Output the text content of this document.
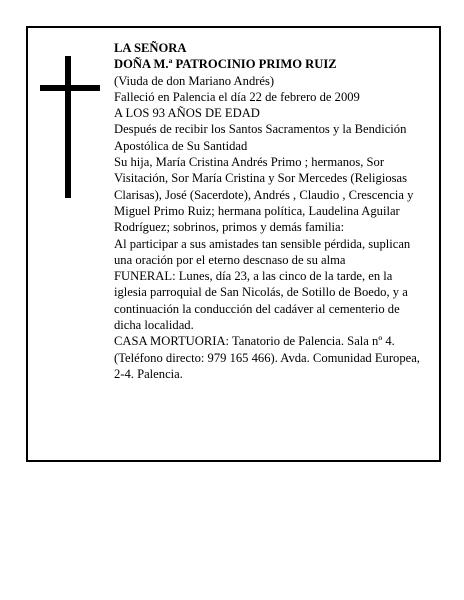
LA SEÑORA

DOÑA M.ª PATROCINIO PRIMO RUIZ

(Viuda de don Mariano Andrés)

Falleció en Palencia el día 22 de febrero de 2009

A LOS 93 AÑOS DE EDAD

Después de recibir los Santos Sacramentos y la Bendición Apostólica de Su Santidad

Su hija, María Cristina Andrés Primo ; hermanos, Sor Visitación, Sor María Cristina y Sor Mercedes (Religiosas Clarisas), José (Sacerdote), Andrés , Claudio , Crescencia y Miguel Primo Ruiz; hermana política, Laudelina Aguilar Rodríguez; sobrinos, primos y demás familia:

Al participar a sus amistades tan sensible pérdida, suplican una oración por el eterno descnaso de su alma

FUNERAL: Lunes, día 23, a las cinco de la tarde, en la iglesia parroquial de San Nicolás, de Sotillo de Boedo, y a continuación la conducción del cadáver al cementerio de dicha localidad.

CASA MORTUORIA: Tanatorio de Palencia. Sala nº 4. (Teléfono directo: 979 165 466). Avda. Comunidad Europea, 2-4. Palencia.
